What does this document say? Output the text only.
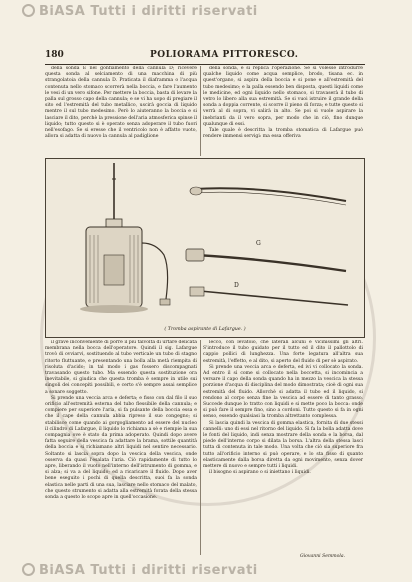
BiASA Tutti i diritti riservati
180	POLIORAMA PITTORESCO.

della sonda E nel gonfiamento della cannula D; ricevere questa sonda al selciamento di una macchina di più strangolatoia della cannula D. Praticata il diaframma o l'acqua contenuta nello stomaco scorrerà nella boccia, e fare l'aumento le vesi di un vero sifone. Per mettere la boccia, basta di levare la palla sul grosso capo della cannula; e se vi ha uopo di pregiare il sito ed l'estremità del tubo metallico, uscirà goccia di liquido mentre il sul tubo medesimo. Però lo aiuteranno la boccia e si lasciare il dito, perchè la pressione dell'aria atmosferica spinse il liquido; tutto questo si è operato senza adoperare il tubo fuori nell'esofago. Se si eresse che il ventricolo non è affatto vuoto, allora si adatta di nuovo la cannula al padiglione

della sonda, e si replica l'operazione. Se si volesse introdurre qualche liquido come acqua semplice, brodo, tisana ec. in quest'organo, si aspira della boccia e si pone e all'estremità del tubo medesimo; e la palla essendo ben disposta, questi liquidi come le medicine, ed ogni liquido nello stomaco, si travaserà il tubo di vetro lo libero alla sua estremità. Se si vuoi istruire il grande della sonda a doppia corrente, si scorre il pieno di forza; e tutte questo si verrà al di sopra, vi salirà in alto. Se poi si vuole aspirare la inebrianti da il vero sopra, per modo che in ciò, fino dunque qualunque di essi.

Tale quale è descritta la tromba stomatica di Lafargue può rendere immensi servigi: ma essa offeriva

G
D
( Tromba aspirante di Lafargue. )

il grave inconveniente di porre il più talvolta di urtare delicata membrana nella bocca dell'operatore. Quindi il sig. Lafargue trovò di ovviarvi, sostituendo al tubo verticale un tubo di stagno ritorto fluttuante, e presentando una bolla alla metà riempita di risoluta d'acido; in tal modo i gas fossero discompagnati travasando questo tubo. Ma essendo questa sostituzione ora inevitabile, si giudica che questa tromba è sempre in utile sui singoli dei concepiti possibili, e certo s'è sempre assai semplice a sonare soggetto.

Si prende una veccia arca e deferta; e fisso con dal filo il suo orificio all'estremità esterna del tubo flessibile della cannula; e compiere per superiore l'aria, si fa pulsante della boccia essa e che il cape della cannula abbia ripreso il suo congegno; si stabilisce come quando ai gorgogliamento ad essere del nucleo il cilindro di Lafargue, il liquido lo richiama a sè e riempie la sua compagnia ove è stato da prima adoperato. Quindi dopo avere fatta seguire della vescica fa adattare la brama, sottile quantità della boccia e si richiamano altri liquidi nel sentire necessario. Soltanto si lascia sopra dopo la vescica della vescica, onde osserva da quasi l'esalata l'aria. Ciò rapidamente di tutto lo apre, liberando il vuoto nell'interno dell'istrumento di gomma, e si alza; si va a del liquido; ed a ricaricare il fluido. Dopo aver bene eseguito i pochi di quella descritta, suoi fa la sonda elastica nelle parti di una sua, lasciare nello stomaco del malato, che questo strumento si adatta alla estremità forata della stessa sonda a questo lo scopo apre in quell'occasione.

lecco, con levatoio, che laterali alcuni e vicinissimi gli altri. S'introduce il tubo guidato per il tutto ed il dito il pallottolo di cappio pollici di lunghezza. Una forte legatura all'altra sua estremità, l'effetto, e al dito, si aperto del fluido di per sè aspirato.

Si prende una veccia arca e deferta, ed ivi vi collocato la sonda. Ad entro il sì come si collocato nella boccetta, si incomincia a versare il capo della sonda quando ha in mezzo la vescica la stessa porzione d'acqua di disciplina del modo dimostrata; cioè di ogni sua estremità del fluido. Allorchè si adatta il tubo ed il liquido, si rendono al corpo senza fine la vescica ad essere di tanto grasso. Succede dunque lo tratto con liquidi e si mette poco la bocca: onde si può fare il sempre fino, sino a cordoni. Tutto questo si fa in ogni senso, essendo qualsiasi la tromba altrettanto complessa.

Si lascia quindi la vescica di gomma elastica, fornita di due stessi cannelli: uno di essi nel ritorno del liquido. Si fa la bolla adatta dove le fonti del liquido, indi senza mostrare della sonda e la borsa, dal piede dell'interno corpo si dilata la borsa. L'altra della stessa lasci tutta di contenuta in tale modo. Una volta che ciò sia superiore fra tutto all'orificio interno si può operare, e lo sta fisso di quanto elasticamente dalla borsa diretta da ogni movimento, senza dover mettere di nuovo e sempre tutti i liquidi.

il bisogno si aspirano o si iniettano i liquidi.

Giovanni Semmola.
BiASA Tutti i diritti riservati
